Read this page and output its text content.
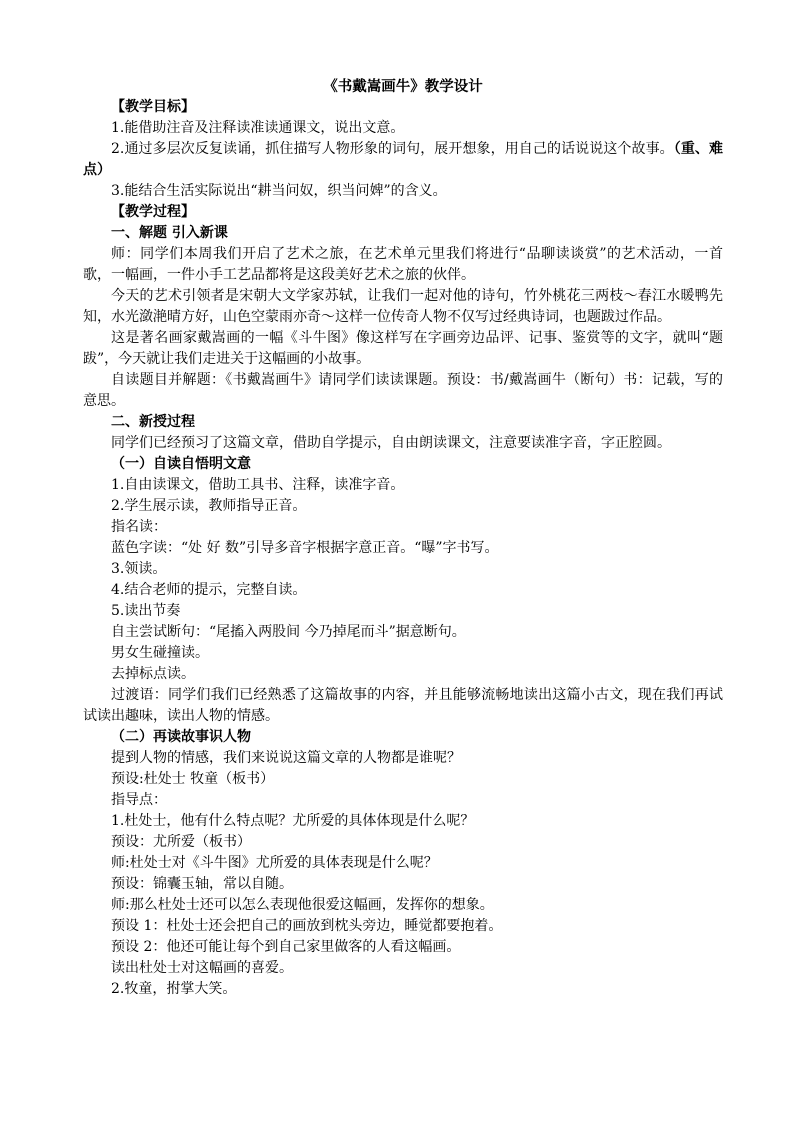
《书戴嵩画牛》教学设计

【教学目标】

1.能借助注音及注释读准读通课文，说出文意。

2.通过多层次反复读诵，抓住描写人物形象的词句，展开想象，用自己的话说说这个故事。（重、难点）

3.能结合生活实际说出“耕当问奴，织当问婢”的含义。

【教学过程】

一、解题 引入新课

师：同学们本周我们开启了艺术之旅，在艺术单元里我们将进行“品聊读谈赏”的艺术活动，一首歌，一幅画，一件小手工艺品都将是这段美好艺术之旅的伙伴。

今天的艺术引领者是宋朝大文学家苏轼，让我们一起对他的诗句，竹外桃花三两枝～春江水暖鸭先知，水光潋滟晴方好，山色空蒙雨亦奇～这样一位传奇人物不仅写过经典诗词，也题跋过作品。

这是著名画家戴嵩画的一幅《斗牛图》像这样写在字画旁边品评、记事、鉴赏等的文字，就叫“题跋”，今天就让我们走进关于这幅画的小故事。

自读题目并解题：《书戴嵩画牛》请同学们读读课题。预设：书/戴嵩画牛（断句）书：记载，写的意思。

二、新授过程

同学们已经预习了这篇文章，借助自学提示，自由朗读课文，注意要读准字音，字正腔圆。

（一）自读自悟明文意

1.自由读课文，借助工具书、注释，读准字音。

2.学生展示读，教师指导正音。

指名读：

蓝色字读：“处 好 数”引导多音字根据字意正音。“曝”字书写。

3.领读。

4.结合老师的提示，完整自读。

5.读出节奏

自主尝试断句：“尾搐入两股间 今乃掉尾而斗”据意断句。

男女生碰撞读。

去掉标点读。

过渡语：同学们我们已经熟悉了这篇故事的内容，并且能够流畅地读出这篇小古文，现在我们再试试读出趣味，读出人物的情感。

（二）再读故事识人物

提到人物的情感，我们来说说这篇文章的人物都是谁呢？

预设:杜处士 牧童（板书）

指导点：

1.杜处士，他有什么特点呢？尤所爱的具体体现是什么呢？

预设：尤所爱（板书）

师:杜处士对《斗牛图》尤所爱的具体表现是什么呢？

预设：锦囊玉轴，常以自随。

师:那么杜处士还可以怎么表现他很爱这幅画，发挥你的想象。

预设 1：杜处士还会把自己的画放到枕头旁边，睡觉都要抱着。

预设 2：他还可能让每个到自己家里做客的人看这幅画。

读出杜处士对这幅画的喜爱。

2.牧童，拊掌大笑。
